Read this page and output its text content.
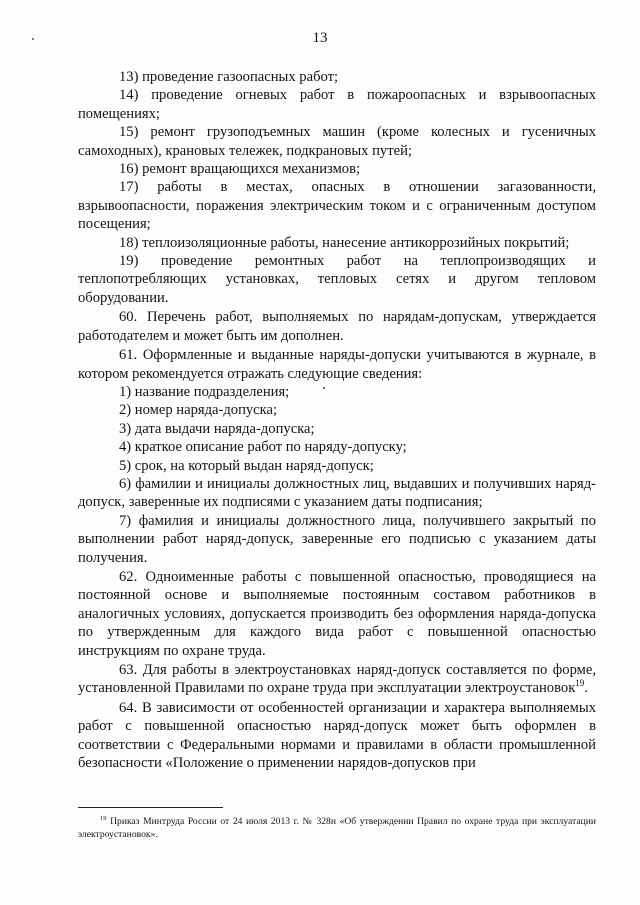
13

13) проведение газоопасных работ;

14) проведение огневых работ в пожароопасных и взрывоопасных помещениях;

15) ремонт грузоподъемных машин (кроме колесных и гусеничных самоходных), крановых тележек, подкрановых путей;

16) ремонт вращающихся механизмов;

17) работы в местах, опасных в отношении загазованности, взрывоопасности, поражения электрическим током и с ограниченным доступом посещения;

18) теплоизоляционные работы, нанесение антикоррозийных покрытий;

19) проведение ремонтных работ на теплопроизводящих и теплопотребляющих установках, тепловых сетях и другом тепловом оборудовании.

60. Перечень работ, выполняемых по нарядам-допускам, утверждается работодателем и может быть им дополнен.

61. Оформленные и выданные наряды-допуски учитываются в журнале, в котором рекомендуется отражать следующие сведения:

1) название подразделения;

2) номер наряда-допуска;

3) дата выдачи наряда-допуска;

4) краткое описание работ по наряду-допуску;

5) срок, на который выдан наряд-допуск;

6) фамилии и инициалы должностных лиц, выдавших и получивших наряд-допуск, заверенные их подписями с указанием даты подписания;

7) фамилия и инициалы должностного лица, получившего закрытый по выполнении работ наряд-допуск, заверенные его подписью с указанием даты получения.

62. Одноименные работы с повышенной опасностью, проводящиеся на постоянной основе и выполняемые постоянным составом работников в аналогичных условиях, допускается производить без оформления наряда-допуска по утвержденным для каждого вида работ с повышенной опасностью инструкциям по охране труда.

63. Для работы в электроустановках наряд-допуск составляется по форме, установленной Правилами по охране труда при эксплуатации электроустановок$^{19}$.

64. В зависимости от особенностей организации и характера выполняемых работ с повышенной опасностью наряд-допуск может быть оформлен в соответствии с Федеральными нормами и правилами в области промышленной безопасности «Положение о применении нарядов-допусков при

$^{19}$ Приказ Минтруда России от 24 июля 2013 г. № 328н «Об утверждении Правил по охране труда при эксплуатации электроустановок».
